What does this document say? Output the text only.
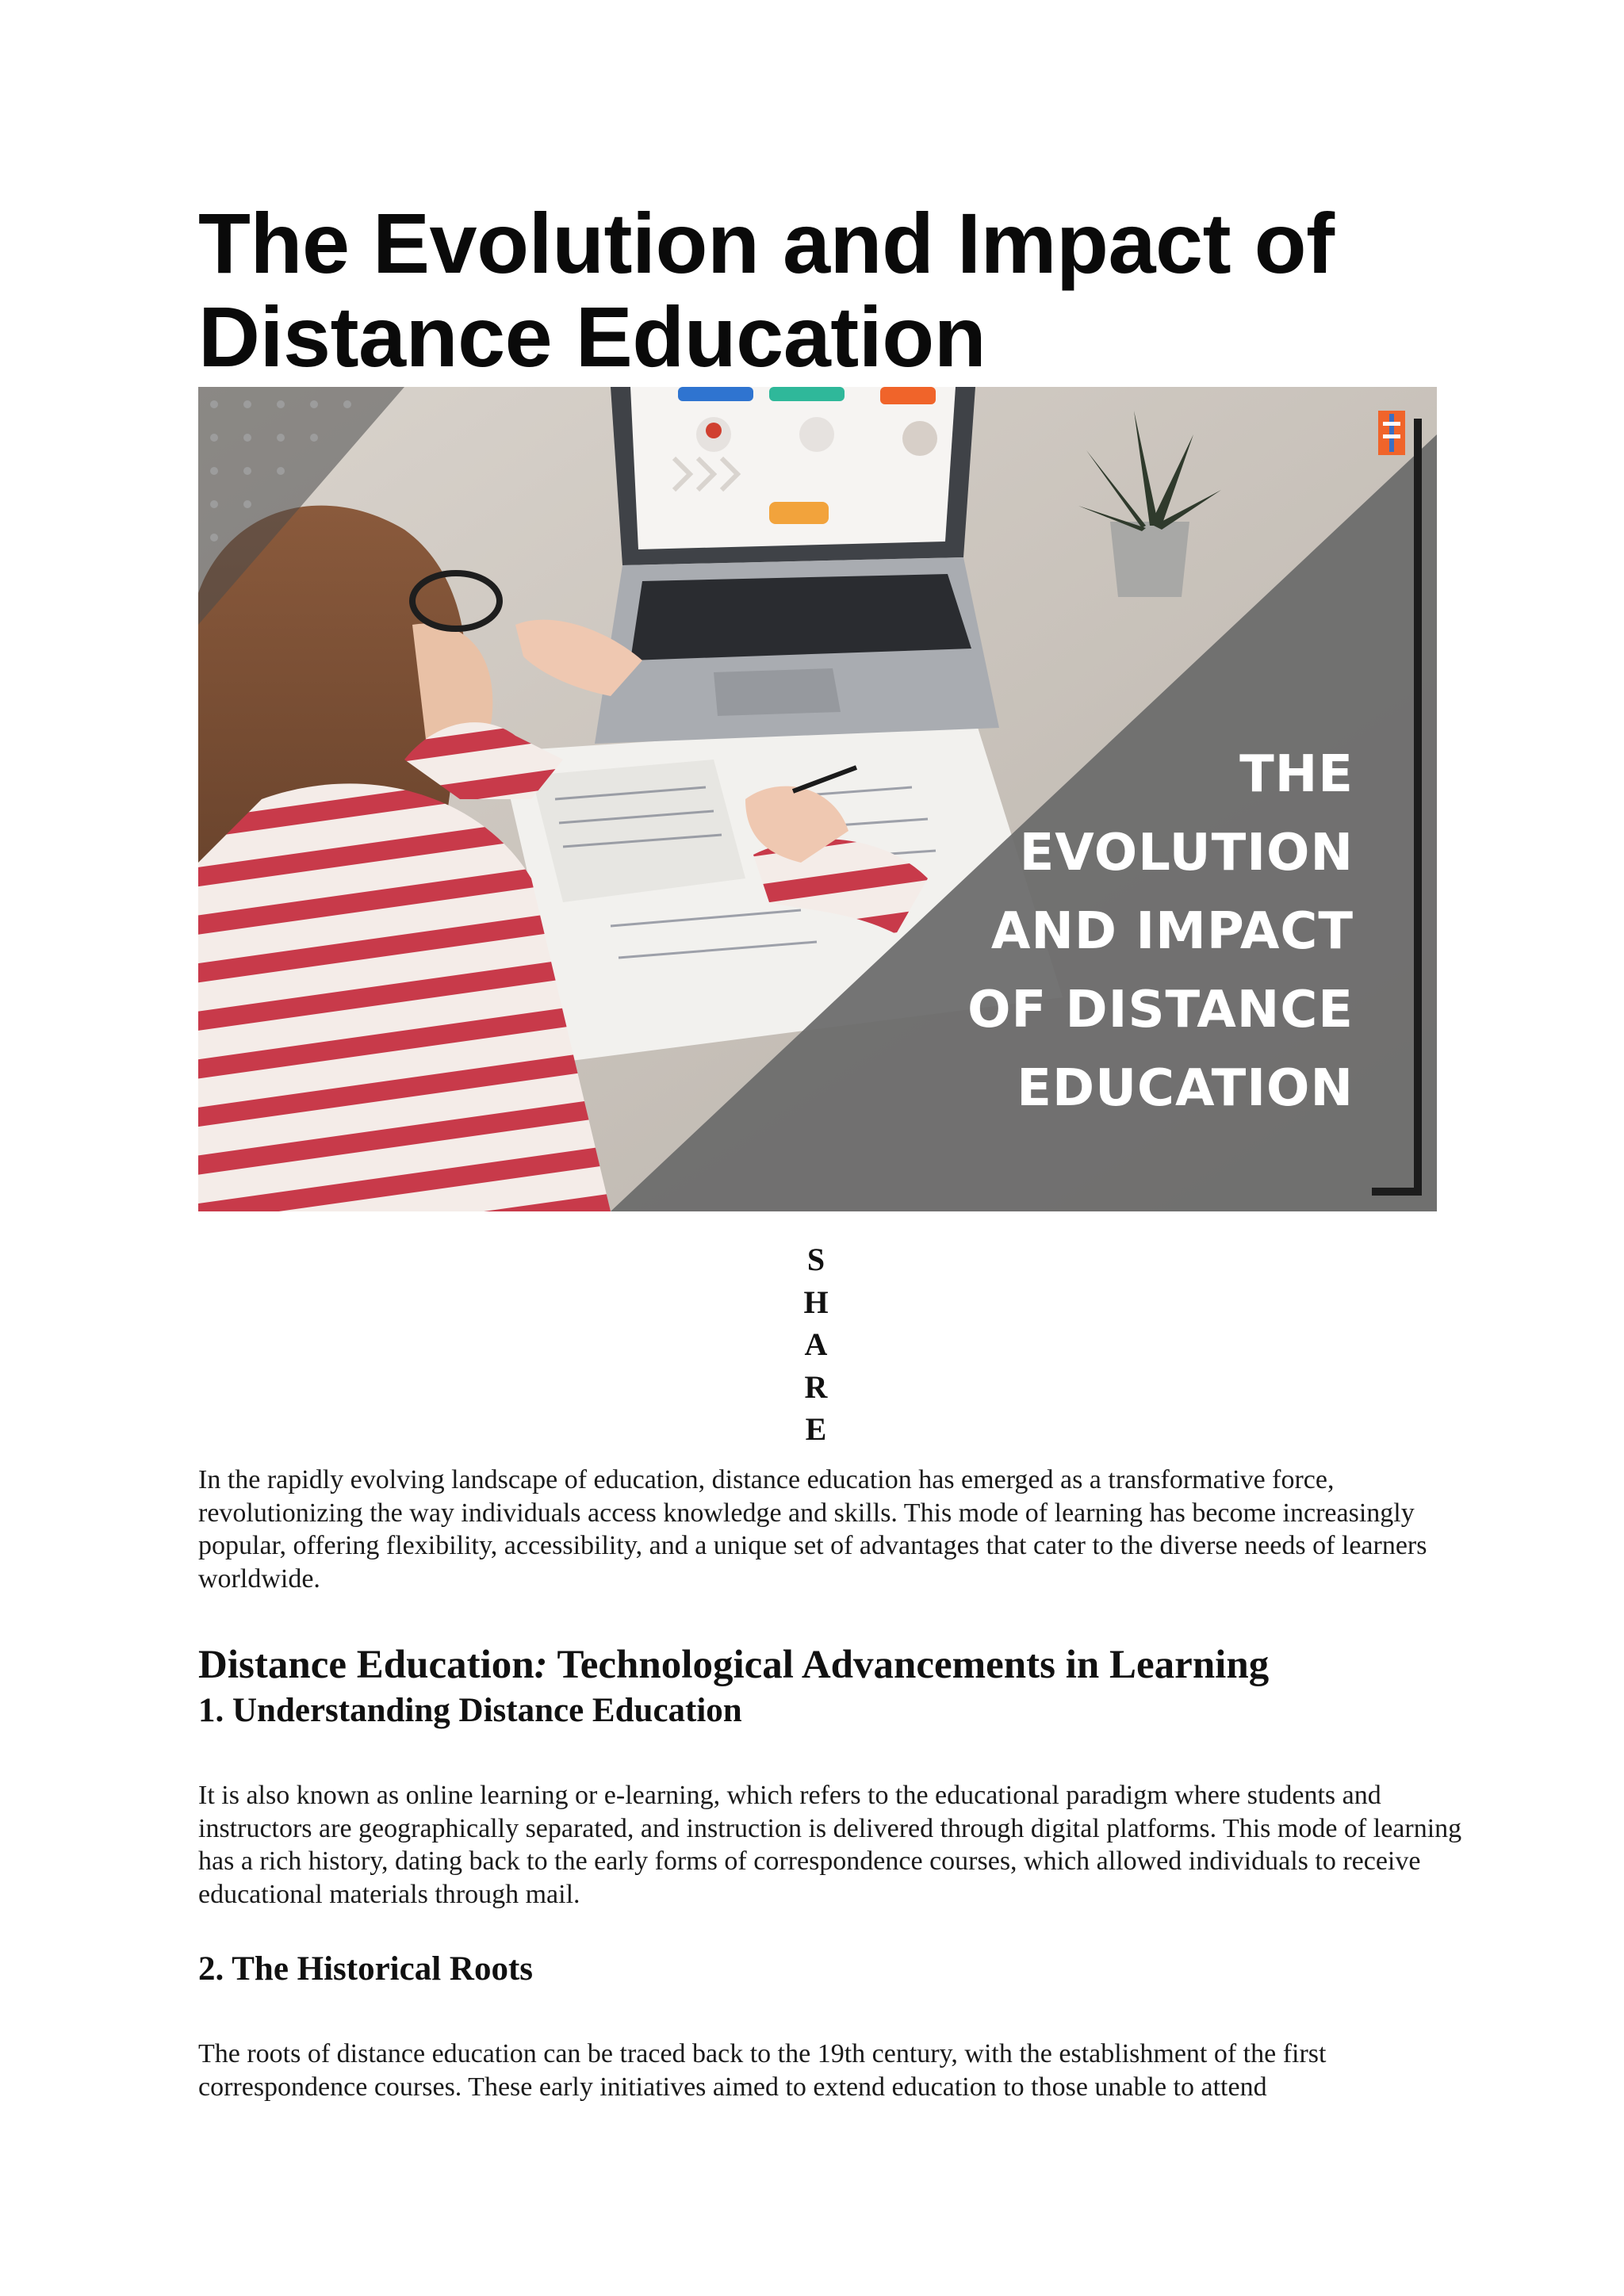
The Evolution and Impact of Distance Education
THE
EVOLUTION
AND IMPACT
OF DISTANCE
EDUCATION
S
H
A
R
E

In the rapidly evolving landscape of education, distance education has emerged as a transformative force, revolutionizing the way individuals access knowledge and skills. This mode of learning has become increasingly popular, offering flexibility, accessibility, and a unique set of advantages that cater to the diverse needs of learners worldwide.

Distance Education: Technological Advancements in Learning
1. Understanding Distance Education

It is also known as online learning or e-learning, which refers to the educational paradigm where students and instructors are geographically separated, and instruction is delivered through digital platforms. This mode of learning has a rich history, dating back to the early forms of correspondence courses, which allowed individuals to receive educational materials through mail.

2. The Historical Roots

The roots of distance education can be traced back to the 19th century, with the establishment of the first correspondence courses. These early initiatives aimed to extend education to those unable to attend
